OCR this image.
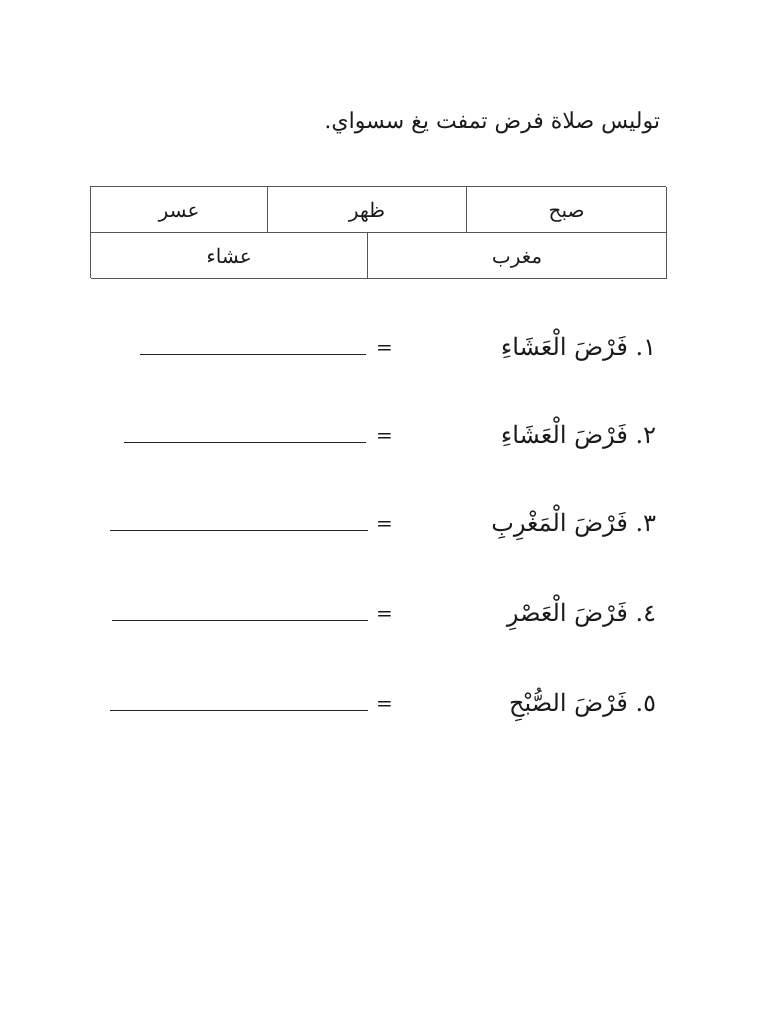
توليس صلاة فرض تمفت يغ سسواي.
صبح
ظهر
عسر
مغرب
عشاء
١. فَرْضَ الْعَشَاءِ
=
٢. فَرْضَ الْعَشَاءِ
=
٣. فَرْضَ الْمَغْرِبِ
=
٤. فَرْضَ الْعَصْرِ
=
٥. فَرْضَ الصُّبْحِ
=
